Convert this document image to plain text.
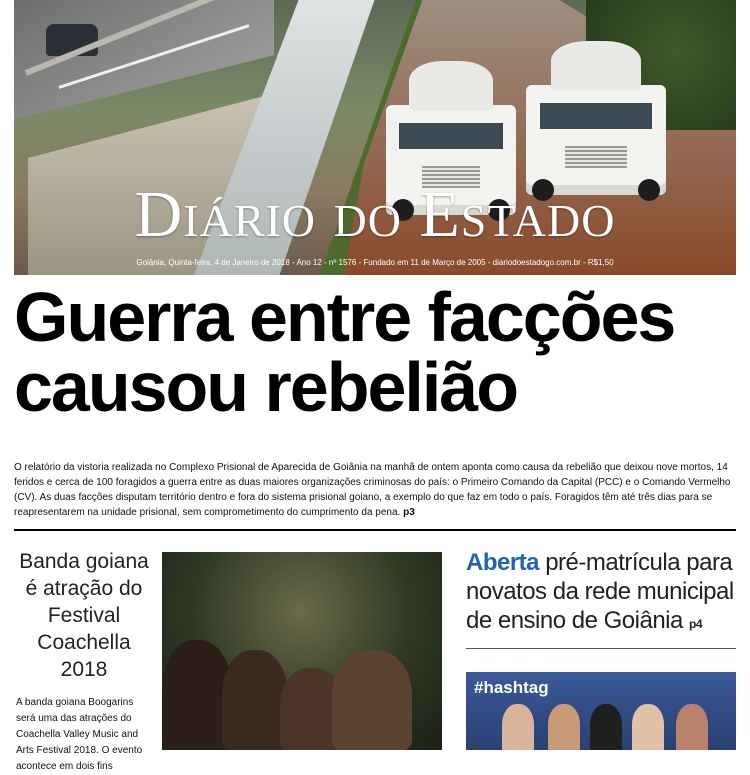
Diário do Estado
Goiânia, Quinta-feira, 4 de Janeiro de 2018 - Ano 12 - nº 1576 - Fundado em 11 de Março de 2005 - diariodoestadogo.com.br - R$1,50
Guerra entre facções
causou rebelião
O relatório da vistoria realizada no Complexo Prisional de Aparecida de Goiânia na manhã de ontem aponta como causa da rebelião que deixou nove mortos, 14 feridos e cerca de 100 foragidos a guerra entre as duas maiores organizações criminosas do país: o Primeiro Comando da Capital (PCC) e o Comando Vermelho (CV). As duas facções disputam território dentro e fora do sistema prisional goiano, a exemplo do que faz em todo o país. Foragidos têm até três dias para se reapresentarem na unidade prisional, sem comprometimento do cumprimento da pena. p3
Banda goiana é atração do Festival Coachella 2018
A banda goiana Boogarins será uma das atrações do Coachella Valley Music and Arts Festival 2018. O evento acontece em dois fins
Aberta pré-matrícula para novatos da rede municipal de ensino de Goiânia p4
#hashtag
